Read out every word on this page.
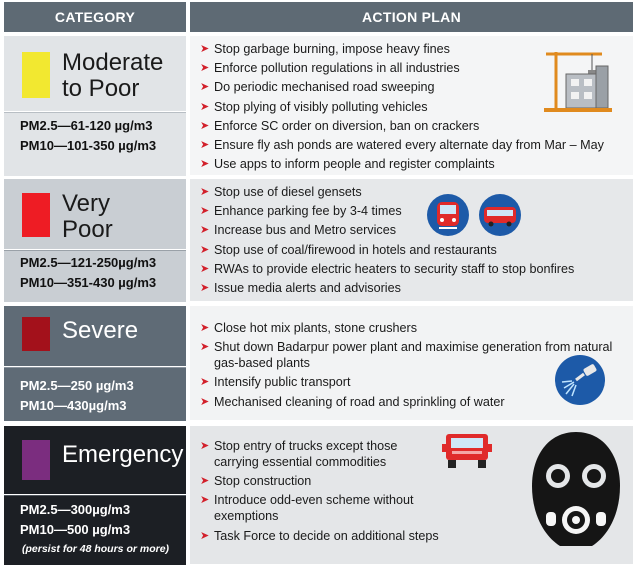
CATEGORY	ACTION PLAN
Moderate
to Poor
PM2.5—61-120 µg/m3
PM10—101-350 µg/m3
➤ Stop garbage burning, impose heavy fines
➤ Enforce pollution regulations in all industries
➤ Do periodic mechanised road sweeping
➤ Stop plying of visibly polluting vehicles
➤ Enforce SC order on diversion, ban on crackers
➤ Ensure fly ash ponds are watered every alternate day from Mar – May
➤ Use apps to inform people and register complaints
Very
Poor
PM2.5—121-250µg/m3
PM10—351-430 µg/m3
➤ Stop use of diesel gensets
➤ Enhance parking fee by 3-4 times
➤ Increase bus and Metro services
➤ Stop use of coal/firewood in hotels and restaurants
➤ RWAs to provide electric heaters to security staff to stop bonfires
➤ Issue media alerts and advisories
Severe
PM2.5—250 µg/m3
PM10—430µg/m3
➤ Close hot mix plants, stone crushers
➤ Shut down Badarpur power plant and maximise generation from natural gas-based plants
➤ Intensify public transport
➤ Mechanised cleaning of road and sprinkling of water
Emergency
PM2.5—300µg/m3
PM10—500 µg/m3
(persist for 48 hours or more)
➤ Stop entry of trucks except those carrying essential commodities
➤ Stop construction
➤ Introduce odd-even scheme without exemptions
➤ Task Force to decide on additional steps
